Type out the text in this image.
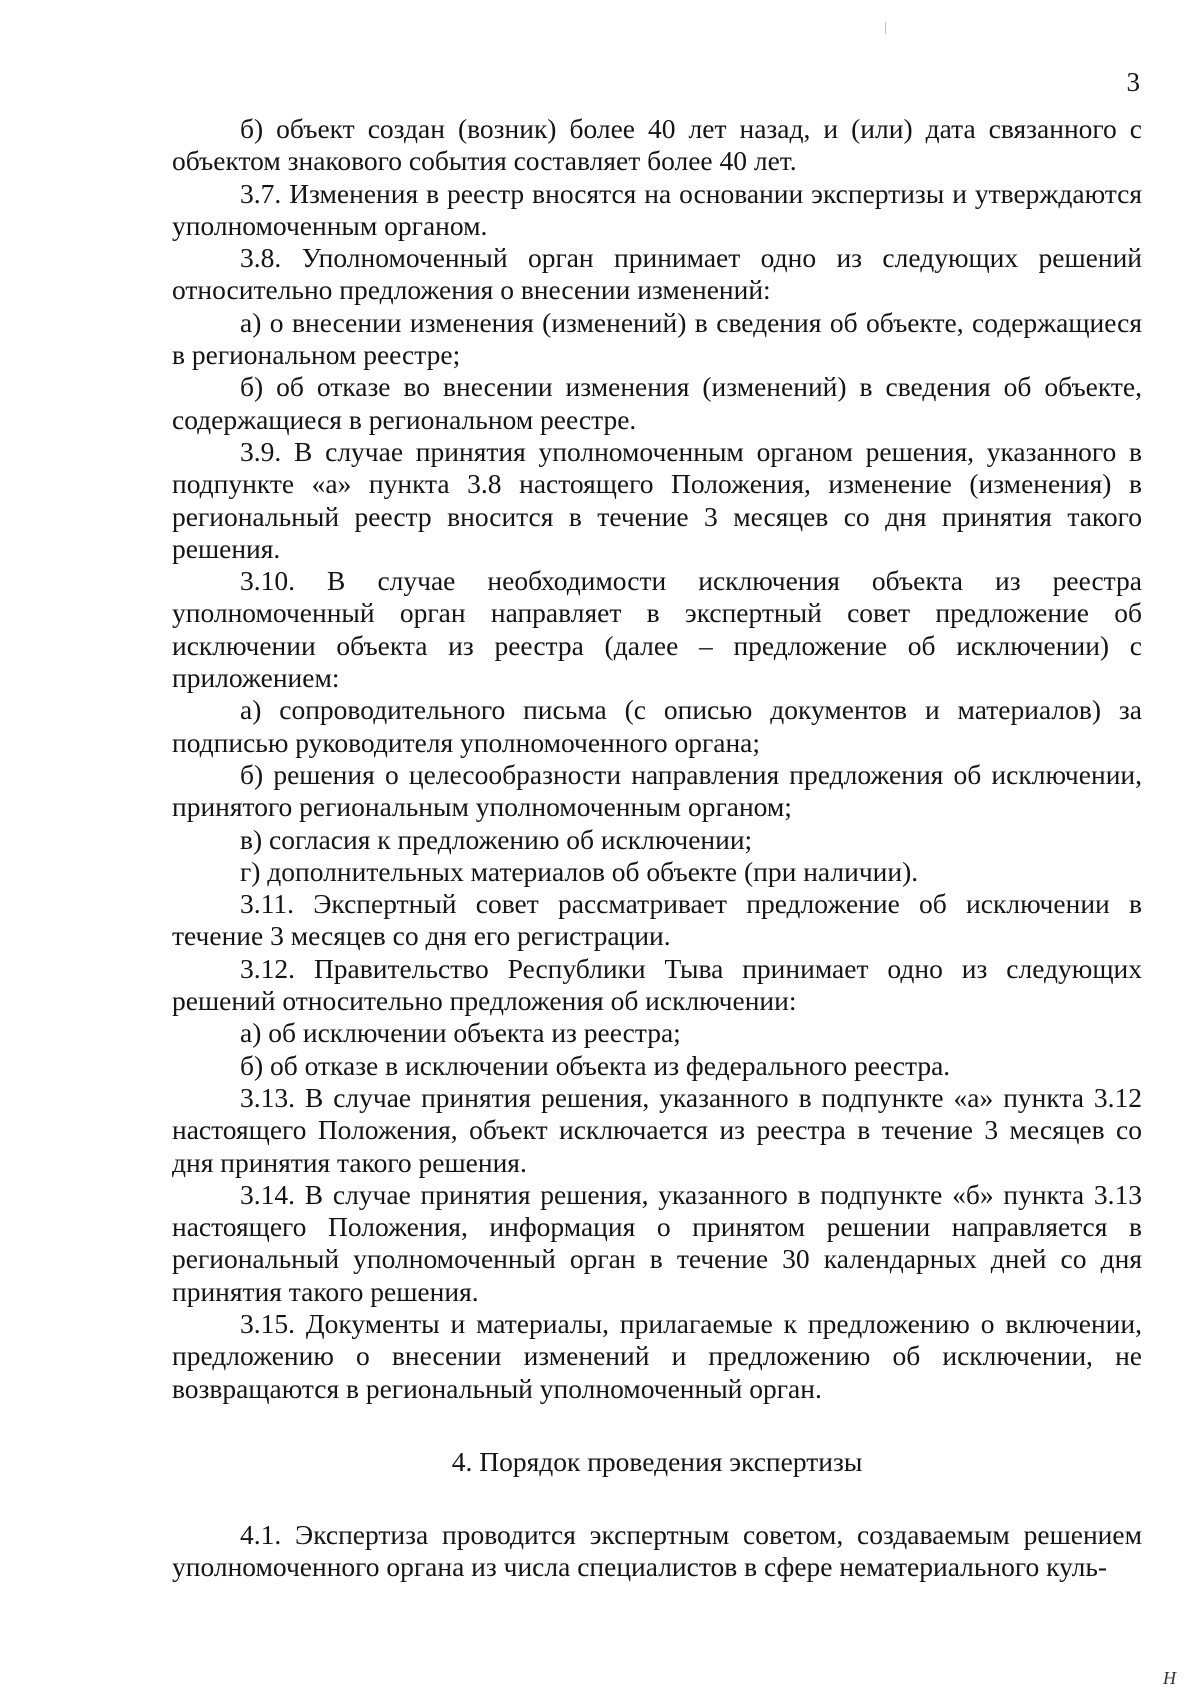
3

б) объект создан (возник) более 40 лет назад, и (или) дата связанного с объектом знакового события составляет более 40 лет.

3.7. Изменения в реестр вносятся на основании экспертизы и утверждаются уполномоченным органом.

3.8. Уполномоченный орган принимает одно из следующих решений относительно предложения о внесении изменений:

а) о внесении изменения (изменений) в сведения об объекте, содержащиеся в региональном реестре;

б) об отказе во внесении изменения (изменений) в сведения об объекте, содержащиеся в региональном реестре.

3.9. В случае принятия уполномоченным органом решения, указанного в подпункте «а» пункта 3.8 настоящего Положения, изменение (изменения) в региональный реестр вносится в течение 3 месяцев со дня принятия такого решения.

3.10. В случае необходимости исключения объекта из реестра уполномоченный орган направляет в экспертный совет предложение об исключении объекта из реестра (далее – предложение об исключении) с приложением:

а) сопроводительного письма (с описью документов и материалов) за подписью руководителя уполномоченного органа;

б) решения о целесообразности направления предложения об исключении, принятого региональным уполномоченным органом;

в) согласия к предложению об исключении;

г) дополнительных материалов об объекте (при наличии).

3.11. Экспертный совет рассматривает предложение об исключении в течение 3 месяцев со дня его регистрации.

3.12. Правительство Республики Тыва принимает одно из следующих решений относительно предложения об исключении:

а) об исключении объекта из реестра;

б) об отказе в исключении объекта из федерального реестра.

3.13. В случае принятия решения, указанного в подпункте «а» пункта 3.12 настоящего Положения, объект исключается из реестра в течение 3 месяцев со дня принятия такого решения.

3.14. В случае принятия решения, указанного в подпункте «б» пункта 3.13 настоящего Положения, информация о принятом решении направляется в региональный уполномоченный орган в течение 30 календарных дней со дня принятия такого решения.

3.15. Документы и материалы, прилагаемые к предложению о включении, предложению о внесении изменений и предложению об исключении, не возвращаются в региональный уполномоченный орган.

4. Порядок проведения экспертизы

4.1. Экспертиза проводится экспертным советом, создаваемым решением уполномоченного органа из числа специалистов в сфере нематериального куль-

Н
